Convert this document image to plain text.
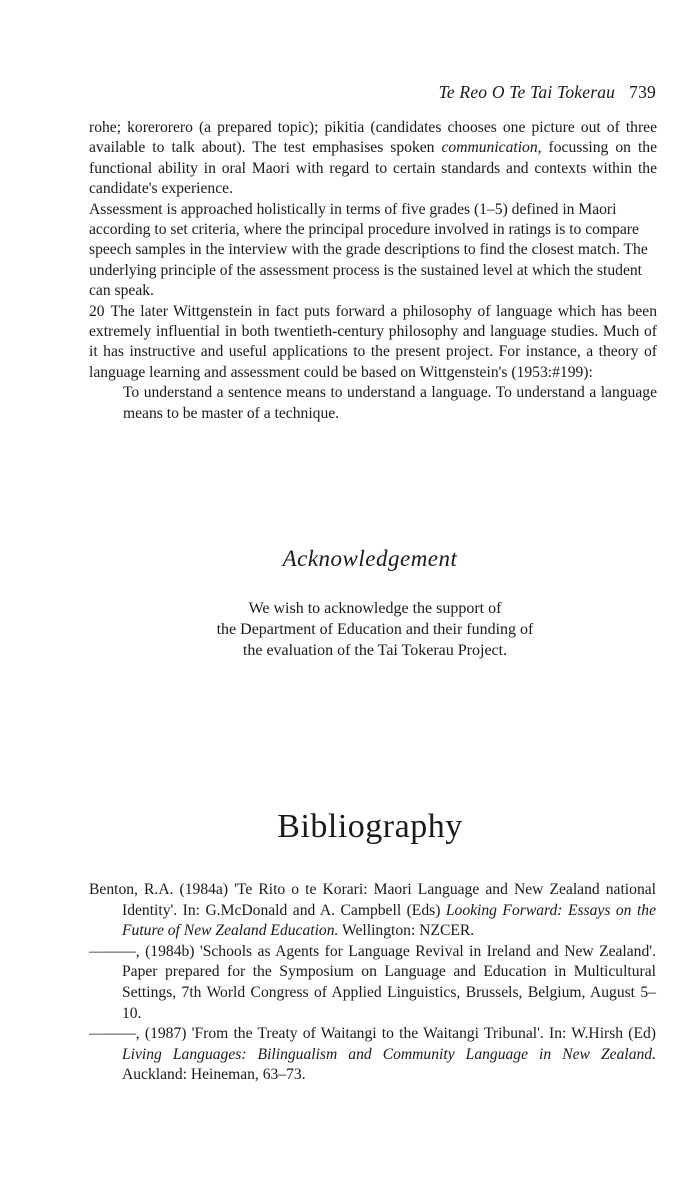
Te Reo O Te Tai Tokerau 739

rohe; korerorero (a prepared topic); pikitia (candidates chooses one picture out of three available to talk about). The test emphasises spoken communication, focussing on the functional ability in oral Maori with regard to certain standards and contexts within the candidate's experience.

Assessment is approached holistically in terms of five grades (1–5) defined in Maori according to set criteria, where the principal procedure involved in ratings is to compare speech samples in the interview with the grade descriptions to find the closest match. The underlying principle of the assessment process is the sustained level at which the student can speak.

20 The later Wittgenstein in fact puts forward a philosophy of language which has been extremely influential in both twentieth-century philosophy and language studies. Much of it has instructive and useful applications to the present project. For instance, a theory of language learning and assessment could be based on Wittgenstein's (1953:#199):

To understand a sentence means to understand a language. To understand a language means to be master of a technique.

Acknowledgement
We wish to acknowledge the support of
the Department of Education and their funding of
the evaluation of the Tai Tokerau Project.
Bibliography

Benton, R.A. (1984a) 'Te Rito o te Korari: Maori Language and New Zealand national Identity'. In: G.McDonald and A. Campbell (Eds) Looking Forward: Essays on the Future of New Zealand Education. Wellington: NZCER.

———, (1984b) 'Schools as Agents for Language Revival in Ireland and New Zealand'. Paper prepared for the Symposium on Language and Education in Multicultural Settings, 7th World Congress of Applied Linguistics, Brussels, Belgium, August 5–10.

———, (1987) 'From the Treaty of Waitangi to the Waitangi Tribunal'. In: W.Hirsh (Ed) Living Languages: Bilingualism and Community Language in New Zealand. Auckland: Heineman, 63–73.
